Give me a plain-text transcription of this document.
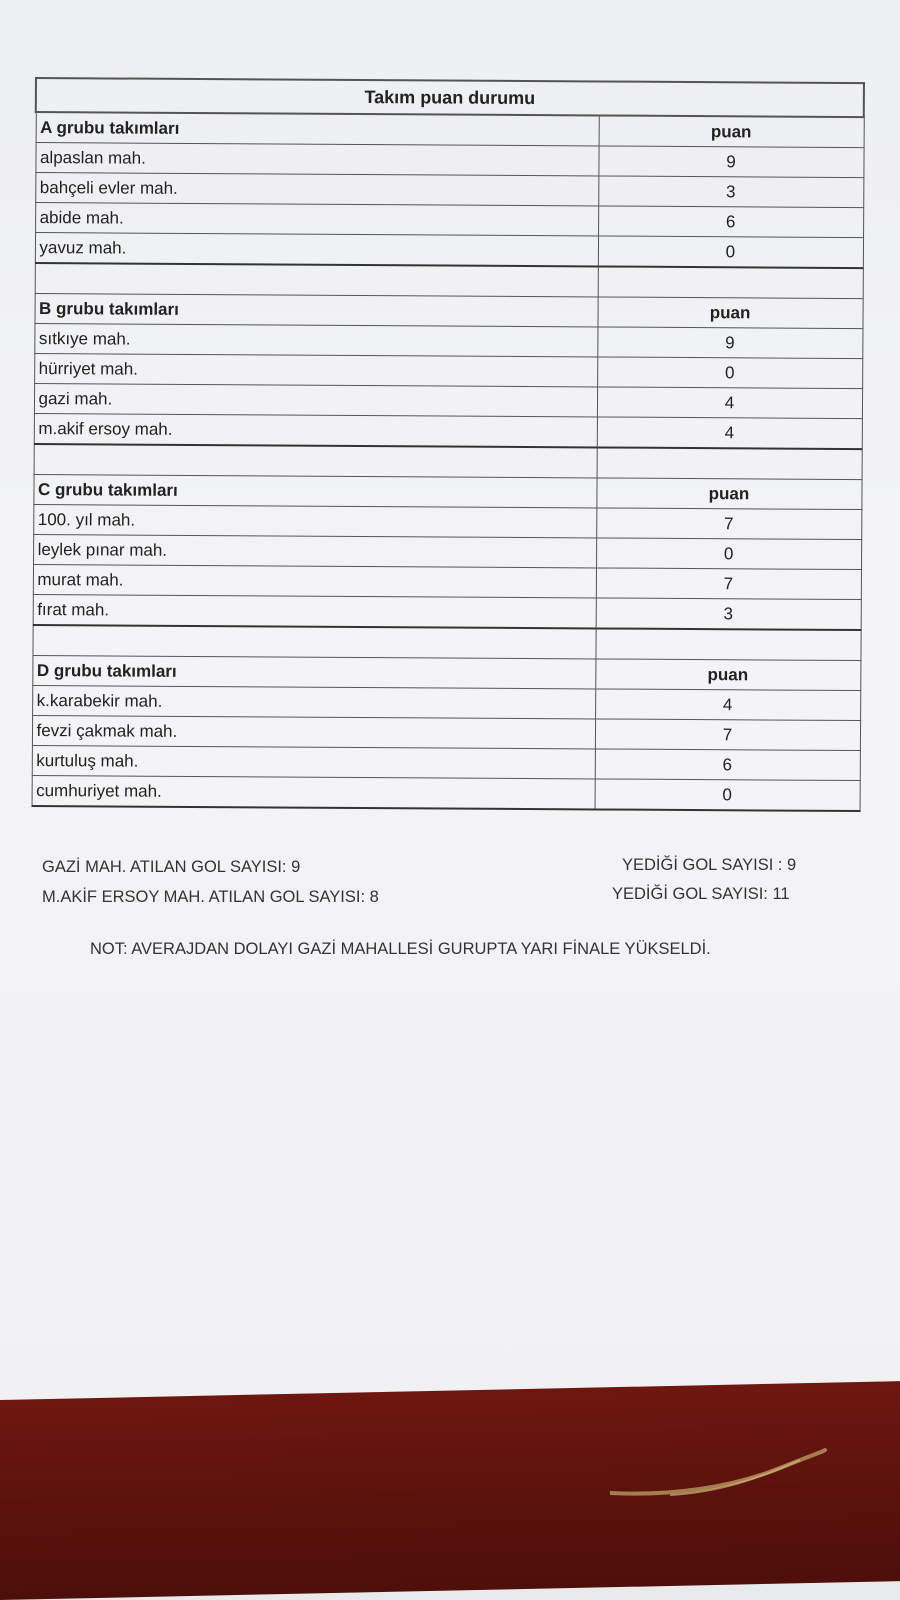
Takım puan durumu	
A grubu takımları	puan
alpaslan mah.	9
bahçeli evler mah.	3
abide mah.	6
yavuz mah.	0

B grubu takımları	puan
sıtkıye mah.	9
hürriyet mah.	0
gazi mah.	4
m.akif ersoy mah.	4

C grubu takımları	puan
100. yıl mah.	7
leylek pınar mah.	0
murat mah.	7
fırat mah.	3

D grubu takımları	puan
k.karabekir mah.	4
fevzi çakmak mah.	7
kurtuluş mah.	6
cumhuriyet mah.	0
GAZİ MAH. ATILAN GOL SAYISI: 9	YEDİĞİ GOL SAYISI : 9
M.AKİF ERSOY MAH. ATILAN GOL SAYISI: 8	YEDİĞİ GOL SAYISI: 11
NOT: AVERAJDAN DOLAYI GAZİ MAHALLESİ GURUPTA YARI FİNALE YÜKSELDİ.
